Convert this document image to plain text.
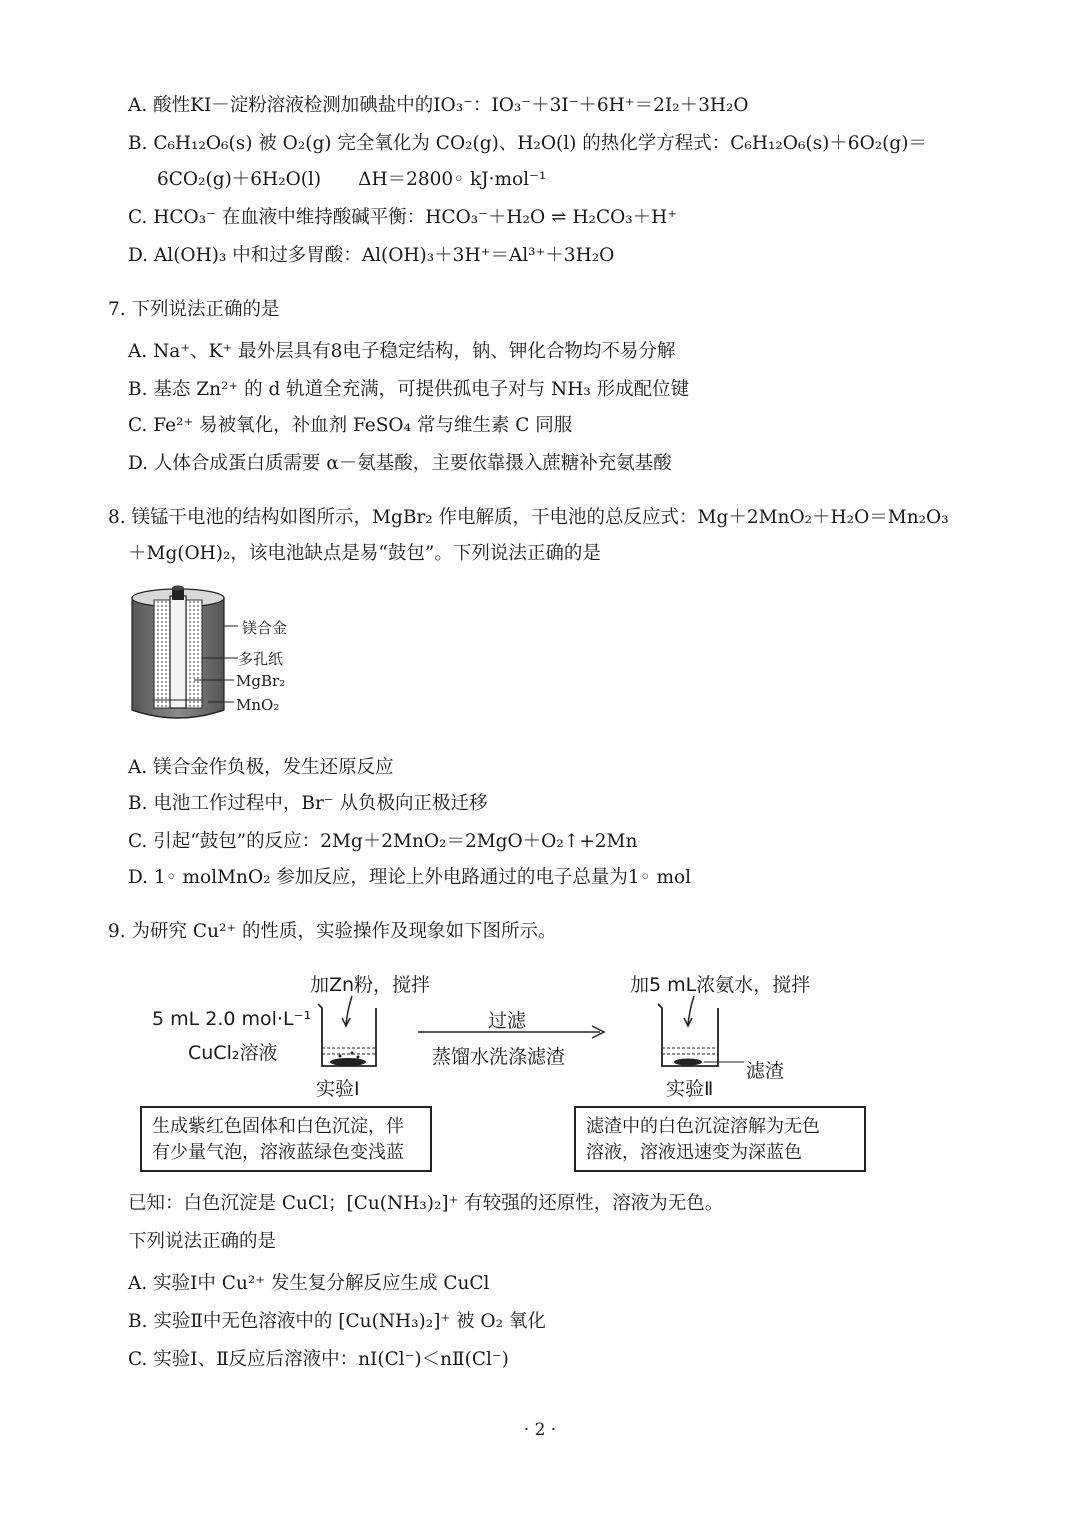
A. 酸性KI－淀粉溶液检测加碘盐中的IO₃⁻：IO₃⁻＋3I⁻＋6H⁺＝2I₂＋3H₂O
B. C₆H₁₂O₆(s) 被 O₂(g) 完全氧化为 CO₂(g)、H₂O(l) 的热化学方程式：C₆H₁₂O₆(s)＋6O₂(g)＝
6CO₂(g)＋6H₂O(l)　　ΔH＝2800◦ kJ·mol⁻¹
C. HCO₃⁻ 在血液中维持酸碱平衡：HCO₃⁻＋H₂O ⇌ H₂CO₃＋H⁺
D. Al(OH)₃ 中和过多胃酸：Al(OH)₃＋3H⁺＝Al³⁺＋3H₂O
7. 下列说法正确的是
A. Na⁺、K⁺ 最外层具有8电子稳定结构，钠、钾化合物均不易分解
B. 基态 Zn²⁺ 的 d 轨道全充满，可提供孤电子对与 NH₃ 形成配位键
C. Fe²⁺ 易被氧化，补血剂 FeSO₄ 常与维生素 C 同服
D. 人体合成蛋白质需要 α－氨基酸，主要依靠摄入蔗糖补充氨基酸
8. 镁锰干电池的结构如图所示，MgBr₂ 作电解质，干电池的总反应式：Mg＋2MnO₂＋H₂O＝Mn₂O₃
＋Mg(OH)₂，该电池缺点是易“鼓包”。下列说法正确的是
镁合金
多孔纸
MgBr₂
MnO₂
A. 镁合金作负极，发生还原反应
B. 电池工作过程中，Br⁻ 从负极向正极迁移
C. 引起“鼓包”的反应：2Mg＋2MnO₂＝2MgO＋O₂↑+2Mn
D. 1◦ molMnO₂ 参加反应，理论上外电路通过的电子总量为1◦ mol
9. 为研究 Cu²⁺ 的性质，实验操作及现象如下图所示。
加Zn粉，搅拌
5 mL 2.0 mol·L⁻¹
CuCl₂溶液
过滤
蒸馏水洗涤滤渣
加5 mL浓氨水，搅拌
滤渣
实验Ⅰ	实验Ⅱ
生成紫红色固体和白色沉淀，伴
有少量气泡，溶液蓝绿色变浅蓝
滤渣中的白色沉淀溶解为无色
溶液，溶液迅速变为深蓝色
已知：白色沉淀是 CuCl；[Cu(NH₃)₂]⁺ 有较强的还原性，溶液为无色。
下列说法正确的是
A. 实验Ⅰ中 Cu²⁺ 发生复分解反应生成 CuCl
B. 实验Ⅱ中无色溶液中的 [Cu(NH₃)₂]⁺ 被 O₂ 氧化
C. 实验Ⅰ、Ⅱ反应后溶液中：nⅠ(Cl⁻)＜nⅡ(Cl⁻)
· 2 ·
